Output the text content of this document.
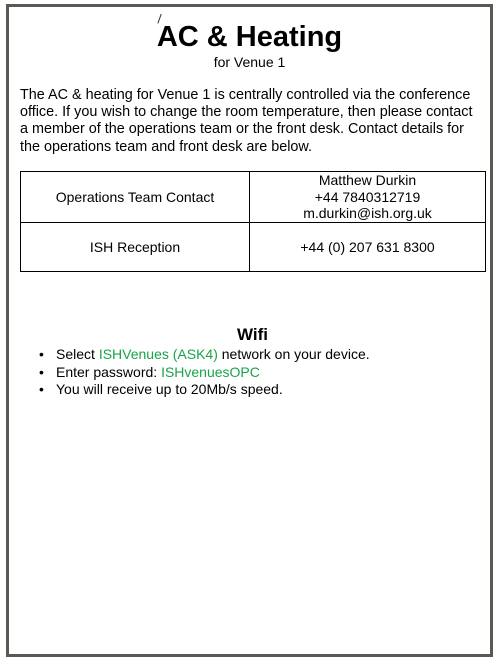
AC & Heating
for Venue 1
The AC & heating for Venue 1 is centrally controlled via the conference office. If you wish to change the room temperature, then please contact a member of the operations team or the front desk. Contact details for the operations team and front desk are below.
Operations Team Contact	Matthew Durkin
+44 7840312719
m.durkin@ish.org.uk

ISH Reception	+44 (0) 207 631 8300
Wifi
• Select ISHVenues (ASK4) network on your device.
• Enter password: ISHvenuesOPC
• You will receive up to 20Mb/s speed.
